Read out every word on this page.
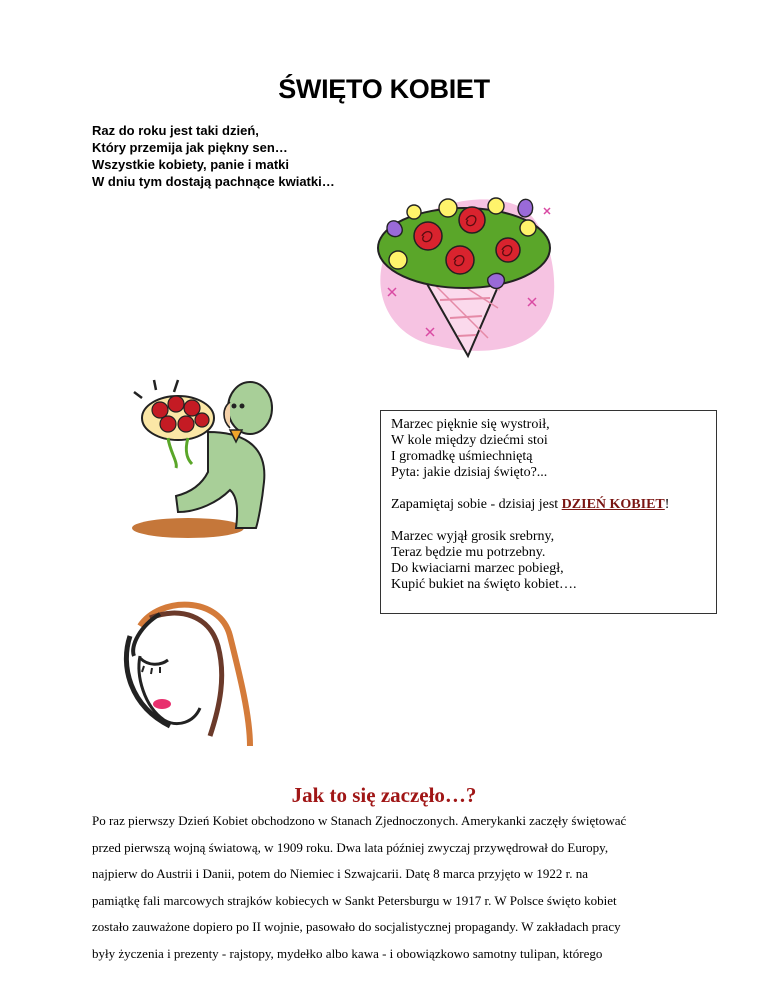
ŚWIĘTO KOBIET
Raz do roku jest taki dzień,
Który przemija jak piękny sen…
Wszystkie kobiety, panie i matki
W dniu tym dostają pachnące kwiatki…
Marzec pięknie się wystroił,
W kole między dziećmi stoi
I gromadkę uśmiechniętą
Pyta: jakie dzisiaj święto?...
Zapamiętaj sobie - dzisiaj jest DZIEŃ KOBIET!
Marzec wyjął grosik srebrny,
Teraz będzie mu potrzebny.
Do kwiaciarni marzec pobiegł,
Kupić bukiet na święto kobiet….
Jak to się zaczęło…?
Po raz pierwszy Dzień Kobiet obchodzono w Stanach Zjednoczonych. Amerykanki zaczęły świętować
przed pierwszą wojną światową, w 1909 roku. Dwa lata później zwyczaj przywędrował do Europy,
najpierw do Austrii i Danii, potem do Niemiec i Szwajcarii. Datę 8 marca przyjęto w 1922 r. na
pamiątkę fali marcowych strajków kobiecych w Sankt Petersburgu w 1917 r. W Polsce święto kobiet
zostało zauważone dopiero po II wojnie, pasowało do socjalistycznej propagandy. W zakładach pracy
były życzenia i prezenty - rajstopy, mydełko albo kawa - i obowiązkowo samotny tulipan, którego
